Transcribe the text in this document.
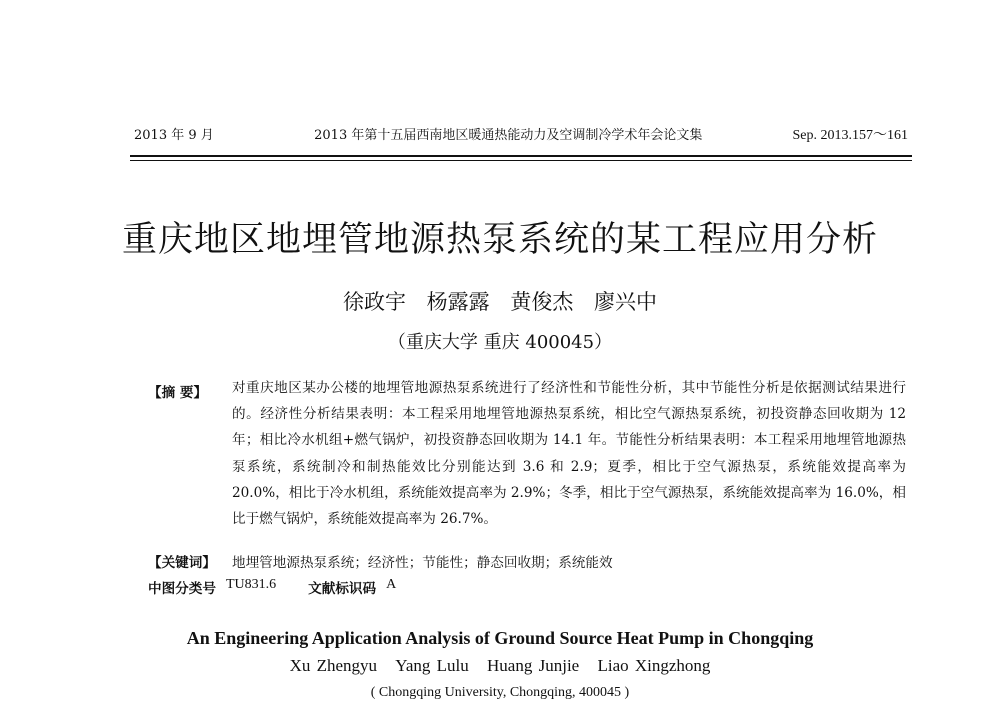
2013 年 9 月	2013 年第十五届西南地区暖通热能动力及空调制冷学术年会论文集	Sep. 2013.157～161
重庆地区地埋管地源热泵系统的某工程应用分析
徐政宇 杨露露 黄俊杰 廖兴中
（重庆大学 重庆 400045）
【摘 要】	对重庆地区某办公楼的地埋管地源热泵系统进行了经济性和节能性分析，其中节能性分析是依据测试结果进行的。经济性分析结果表明：本工程采用地埋管地源热泵系统，相比空气源热泵系统，初投资静态回收期为 12 年；相比冷水机组+燃气锅炉，初投资静态回收期为 14.1 年。节能性分析结果表明：本工程采用地埋管地源热泵系统，系统制冷和制热能效比分别能达到 3.6 和 2.9；夏季，相比于空气源热泵，系统能效提高率为 20.0%，相比于冷水机组，系统能效提高率为 2.9%；冬季，相比于空气源热泵，系统能效提高率为 16.0%，相比于燃气锅炉，系统能效提高率为 26.7%。
【关键词】	地埋管地源热泵系统；经济性；节能性；静态回收期；系统能效
中图分类号 TU831.6 文献标识码 A
An Engineering Application Analysis of Ground Source Heat Pump in Chongqing
Xu Zhengyu Yang Lulu Huang Junjie Liao Xingzhong
( Chongqing University, Chongqing, 400045 )
